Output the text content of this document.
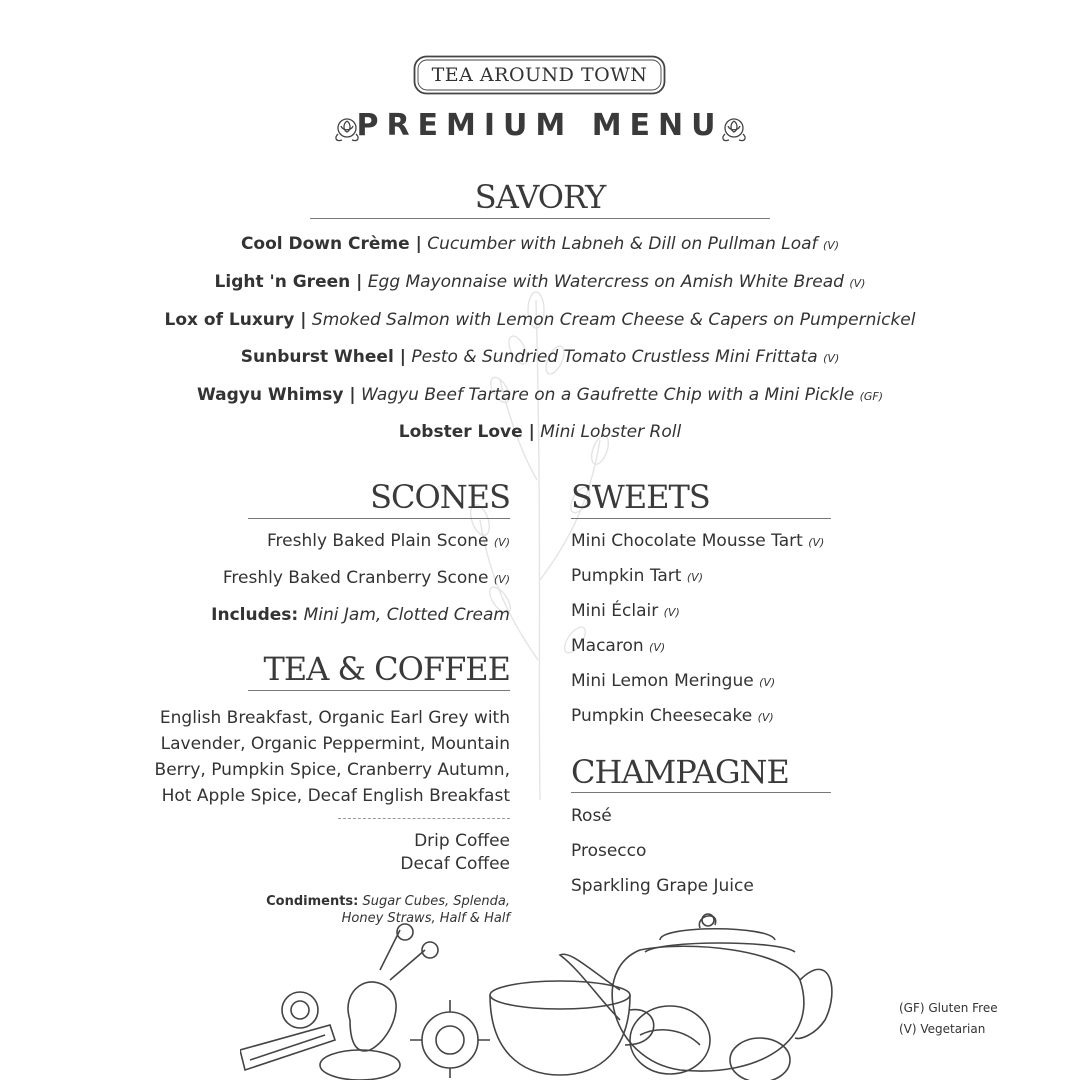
TEA AROUND TOWN
PREMIUM MENU
SAVORY
Cool Down Crème | Cucumber with Labneh & Dill on Pullman Loaf (V)
Light 'n Green | Egg Mayonnaise with Watercress on Amish White Bread (V)
Lox of Luxury | Smoked Salmon with Lemon Cream Cheese & Capers on Pumpernickel
Sunburst Wheel | Pesto & Sundried Tomato Crustless Mini Frittata (V)
Wagyu Whimsy | Wagyu Beef Tartare on a Gaufrette Chip with a Mini Pickle (GF)
Lobster Love | Mini Lobster Roll
SCONES
Freshly Baked Plain Scone (V)
Freshly Baked Cranberry Scone (V)
Includes: Mini Jam, Clotted Cream
TEA & COFFEE
English Breakfast, Organic Earl Grey with
Lavender, Organic Peppermint, Mountain
Berry, Pumpkin Spice, Cranberry Autumn,
Hot Apple Spice, Decaf English Breakfast
Drip Coffee
Decaf Coffee
Condiments: Sugar Cubes, Splenda,
Honey Straws, Half & Half
SWEETS
Mini Chocolate Mousse Tart (V)
Pumpkin Tart (V)
Mini Éclair (V)
Macaron (V)
Mini Lemon Meringue (V)
Pumpkin Cheesecake (V)
CHAMPAGNE
Rosé
Prosecco
Sparkling Grape Juice
(GF) Gluten Free
(V) Vegetarian
